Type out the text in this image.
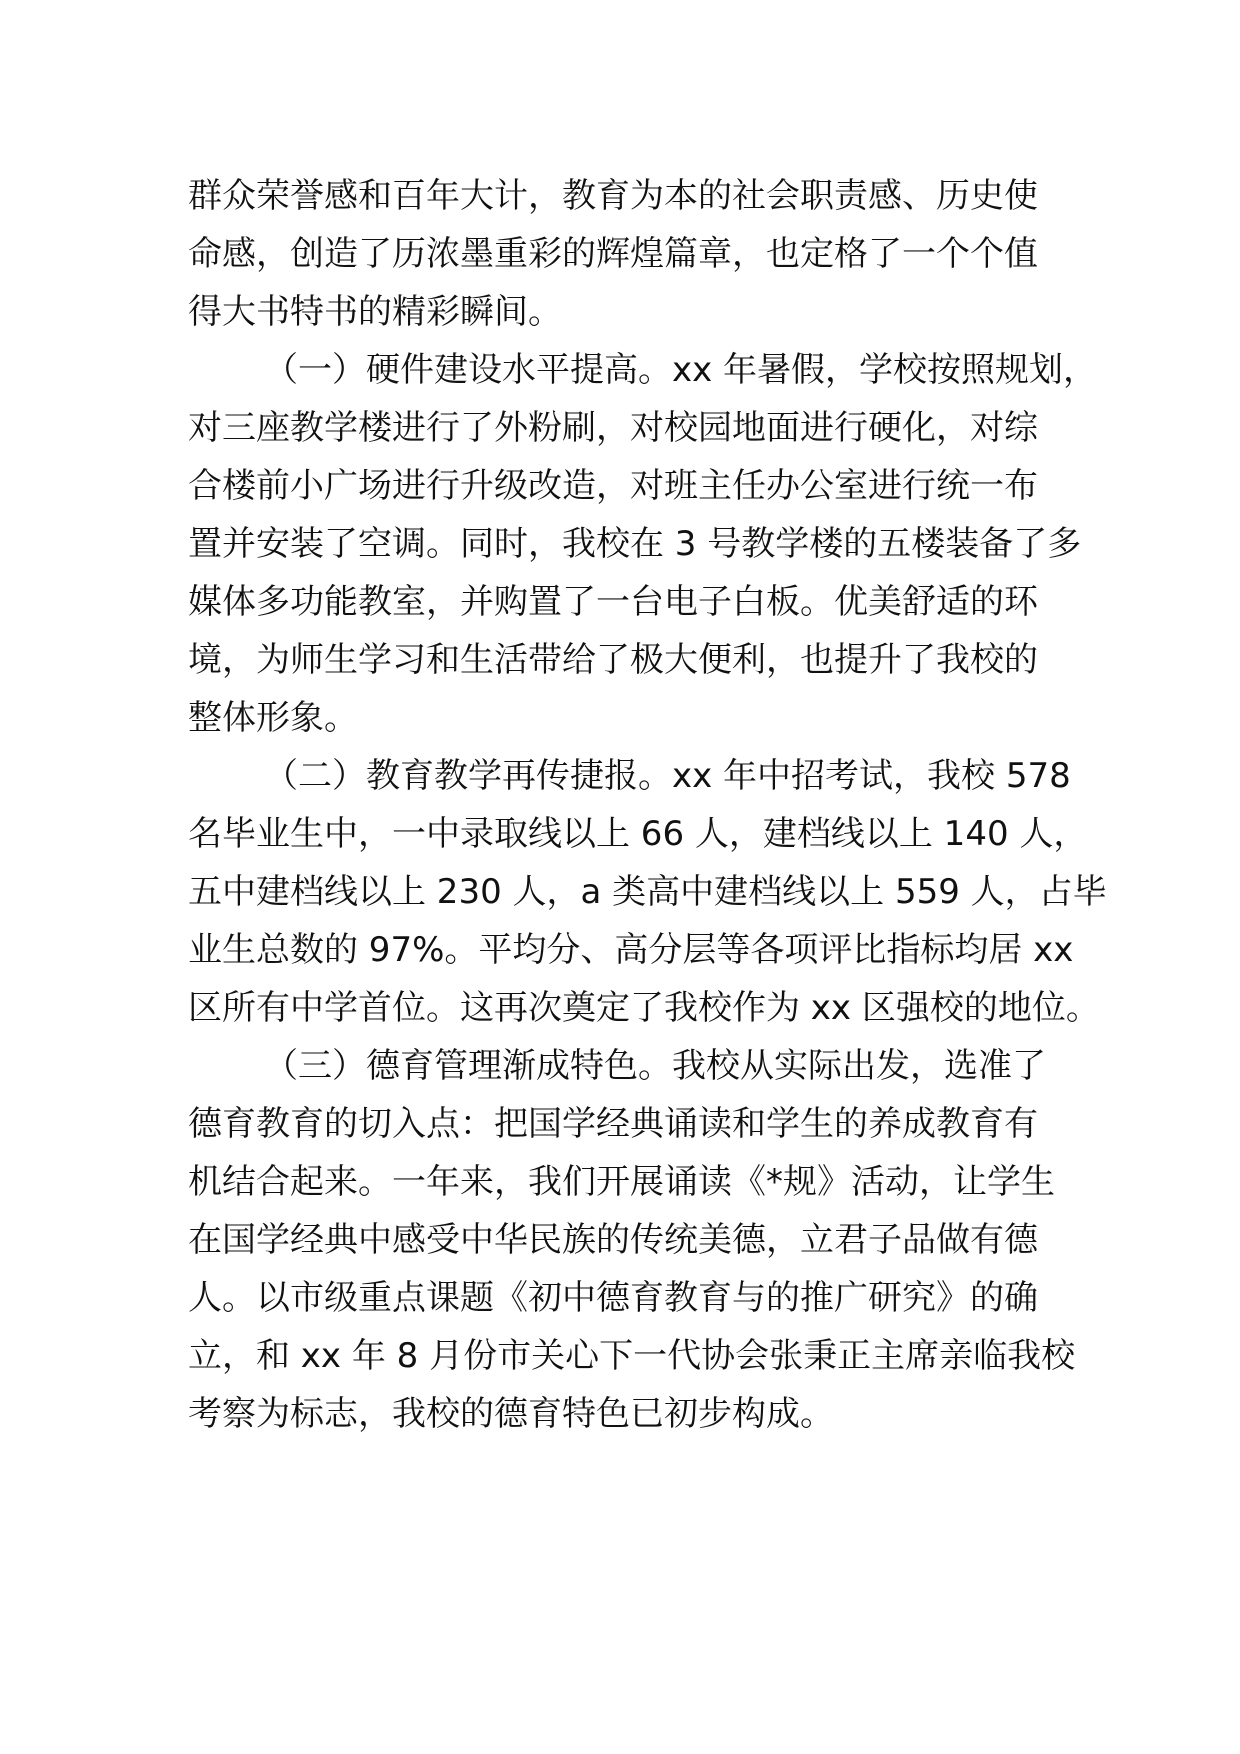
群众荣誉感和百年大计，教育为本的社会职责感、历史使
命感，创造了历浓墨重彩的辉煌篇章，也定格了一个个值
得大书特书的精彩瞬间。
（一）硬件建设水平提高。xx 年暑假，学校按照规划，
对三座教学楼进行了外粉刷，对校园地面进行硬化，对综
合楼前小广场进行升级改造，对班主任办公室进行统一布
置并安装了空调。同时，我校在 3 号教学楼的五楼装备了多
媒体多功能教室，并购置了一台电子白板。优美舒适的环
境，为师生学习和生活带给了极大便利，也提升了我校的
整体形象。
（二）教育教学再传捷报。xx 年中招考试，我校 578
名毕业生中，一中录取线以上 66 人，建档线以上 140 人，
五中建档线以上 230 人，a 类高中建档线以上 559 人，占毕
业生总数的 97%。平均分、高分层等各项评比指标均居 xx
区所有中学首位。这再次奠定了我校作为 xx 区强校的地位。
（三）德育管理渐成特色。我校从实际出发，选准了
德育教育的切入点：把国学经典诵读和学生的养成教育有
机结合起来。一年来，我们开展诵读《*规》活动，让学生
在国学经典中感受中华民族的传统美德，立君子品做有德
人。以市级重点课题《初中德育教育与的推广研究》的确
立，和 xx 年 8 月份市关心下一代协会张秉正主席亲临我校
考察为标志，我校的德育特色已初步构成。
